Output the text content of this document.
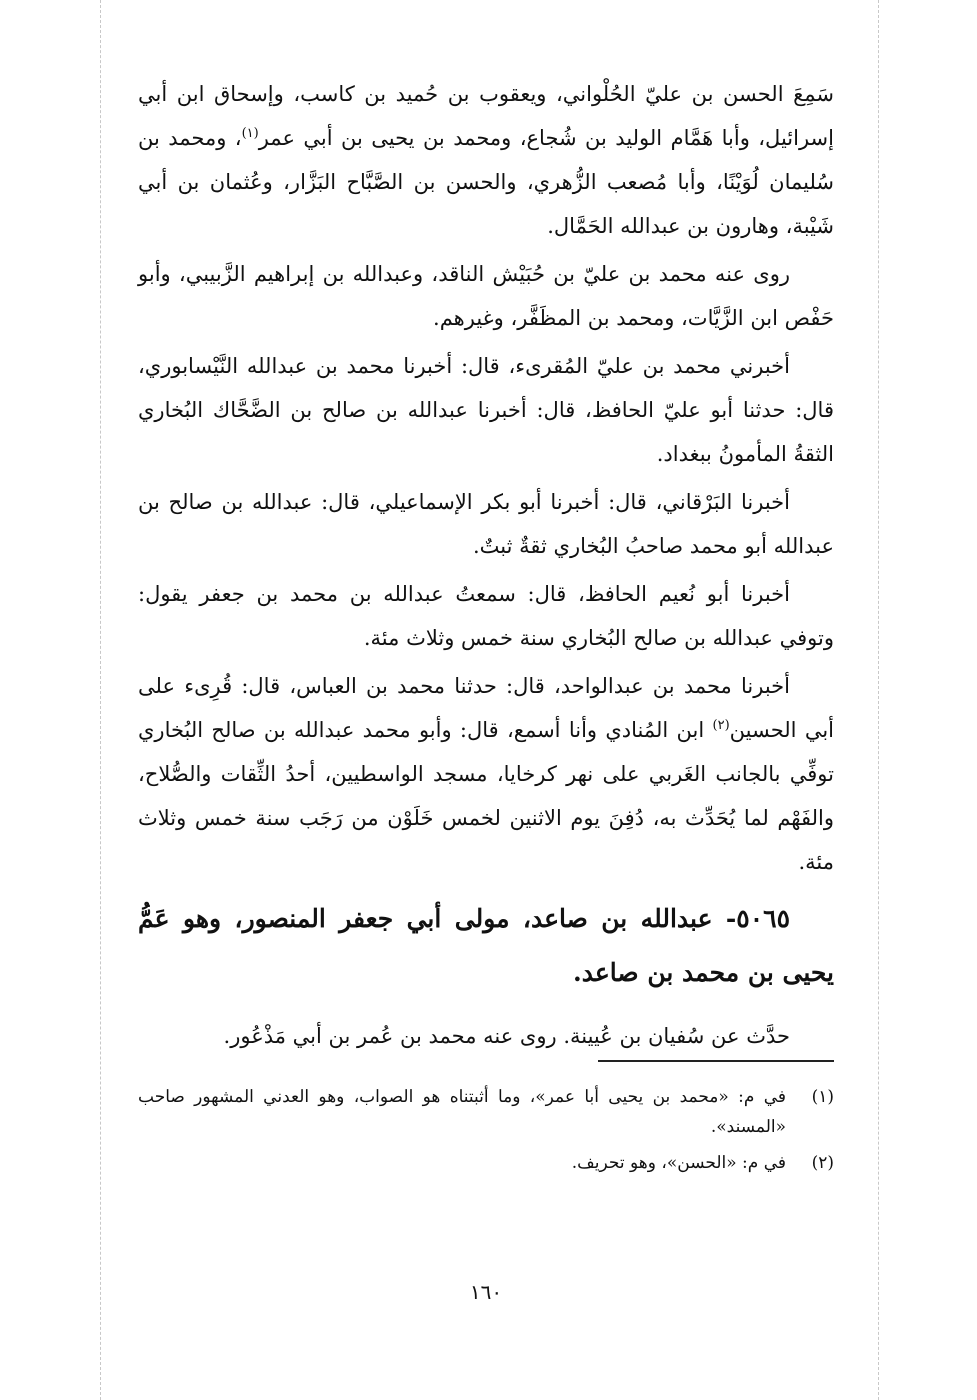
سَمِعَ الحسن بن عليّ الحُلْواني، ويعقوب بن حُميد بن كاسب، وإسحاق ابن أبي إسرائيل، وأبا هَمَّام الوليد بن شُجاع، ومحمد بن يحيى بن أبي عمر$^{(١)}$، ومحمد بن سُليمان لُوَيْنًا، وأبا مُصعب الزُّهري، والحسن بن الصَّبَّاح البَزَّار، وعُثمان بن أبي شَيْبة، وهارون بن عبدالله الحَمَّال.

روى عنه محمد بن عليّ بن حُبَيْش الناقد، وعبدالله بن إبراهيم الزَّبيبي، وأبو حَفْص ابن الزَّيَّات، ومحمد بن المظَفَّر، وغيرهم.

أخبرني محمد بن عليّ المُقرىء، قال: أخبرنا محمد بن عبدالله النَّيْسابوري، قال: حدثنا أبو عليّ الحافظ، قال: أخبرنا عبدالله بن صالح بن الضَّحَّاك البُخاري الثقةُ المأمونُ ببغداد.

أخبرنا البَرْقاني، قال: أخبرنا أبو بكر الإسماعيلي، قال: عبدالله بن صالح بن عبدالله أبو محمد صاحبُ البُخاري ثقةٌ ثبتٌ.

أخبرنا أبو نُعيم الحافظ، قال: سمعتُ عبدالله بن محمد بن جعفر يقول: وتوفي عبدالله بن صالح البُخاري سنة خمس وثلاث مئة.

أخبرنا محمد بن عبدالواحد، قال: حدثنا محمد بن العباس، قال: قُرِىء على أبي الحسين$^{(٢)}$ ابن المُنادي وأنا أسمع، قال: وأبو محمد عبدالله بن صالح البُخاري توفِّي بالجانب الغَربي على نهر كرخايا، مسجد الواسطيين، أحدُ الثِّقات والصُّلاح، والفَهْم لما يُحَدِّث به، دُفِنَ يوم الاثنين لخمس خَلَوْن من رَجَب سنة خمس وثلاث مئة.

٥٠٦٥- عبدالله بن صاعد، مولى أبي جعفر المنصور، وهو عَمُّ يحيى بن محمد بن صاعد.

حدَّث عن سُفيان بن عُيينة. روى عنه محمد بن عُمر بن أبي مَذْعُور.

(١)
في م: «محمد بن يحيى أبا عمر»، وما أثبتناه هو الصواب، وهو العدني المشهور صاحب «المسند».
(٢)
في م: «الحسن»، وهو تحريف.
١٦٠
